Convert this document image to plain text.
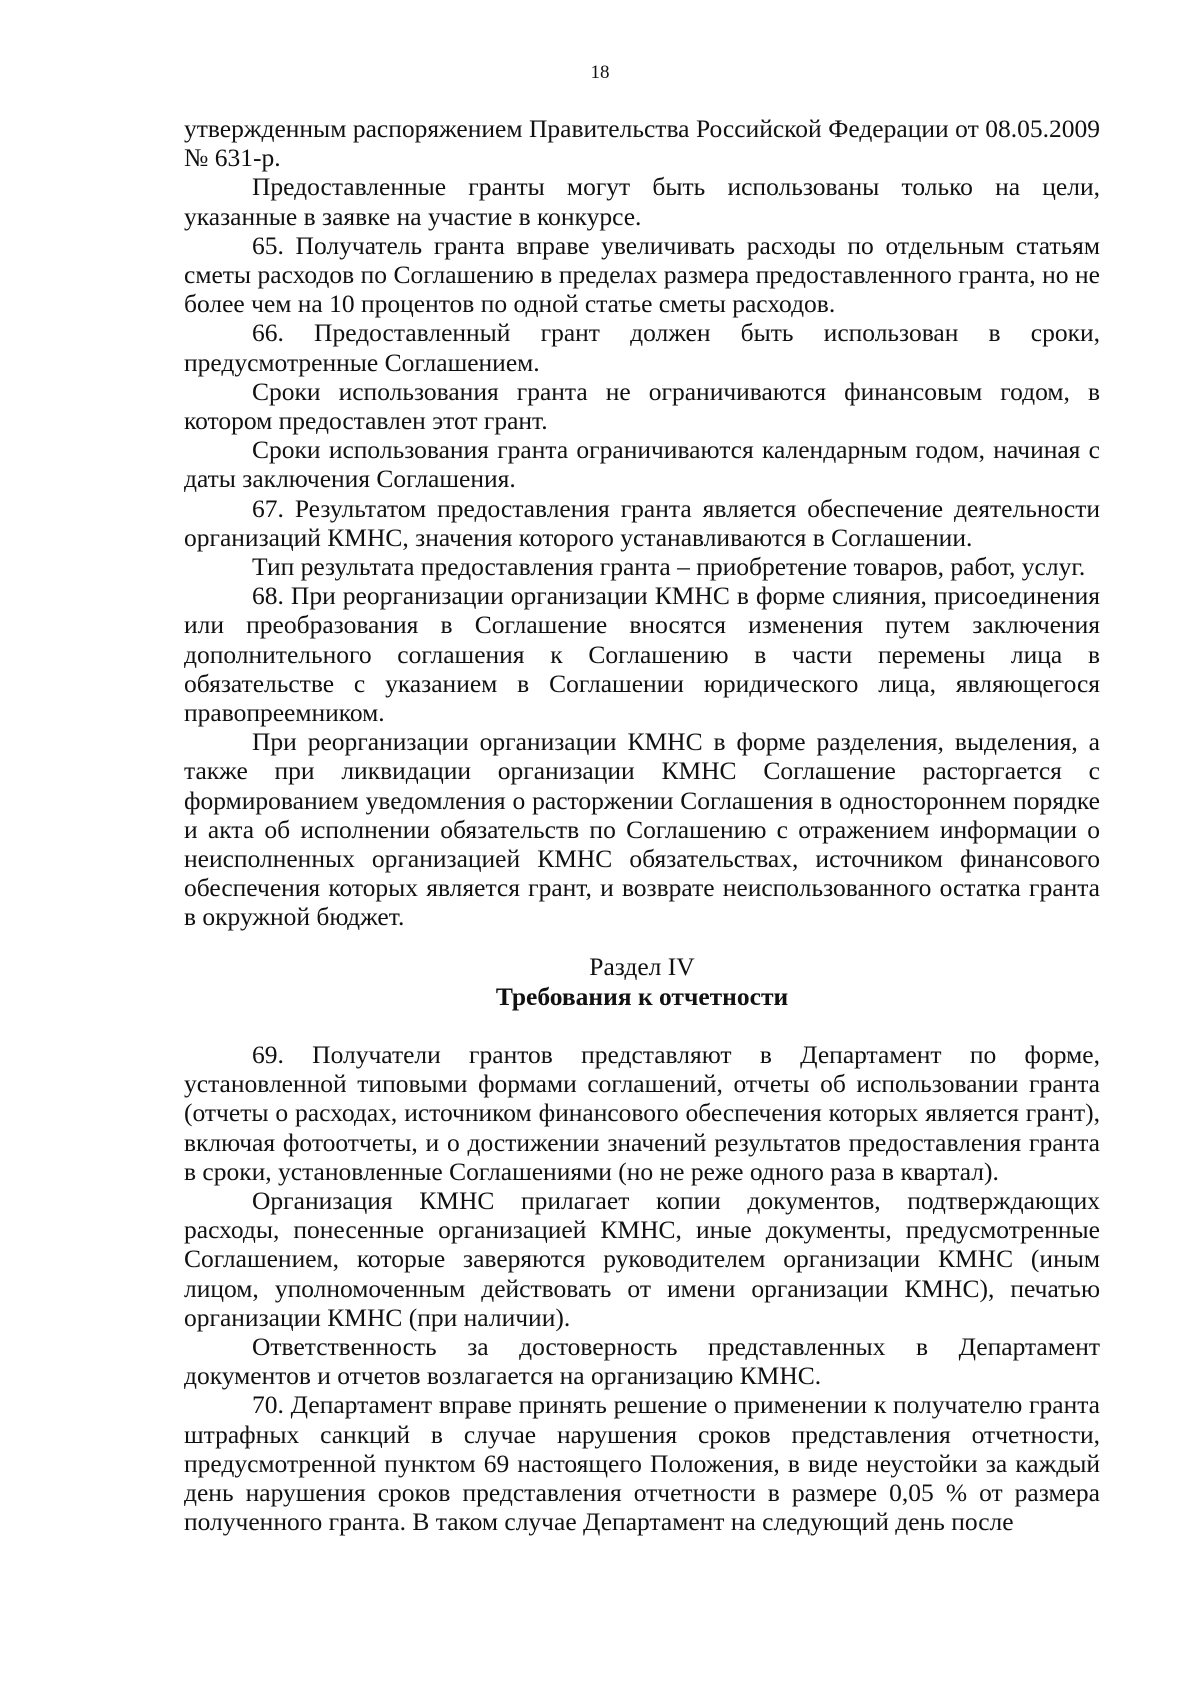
18

утвержденным распоряжением Правительства Российской Федерации от 08.05.2009 № 631-р.

Предоставленные гранты могут быть использованы только на цели, указанные в заявке на участие в конкурсе.

65. Получатель гранта вправе увеличивать расходы по отдельным статьям сметы расходов по Соглашению в пределах размера предоставленного гранта, но не более чем на 10 процентов по одной статье сметы расходов.

66. Предоставленный грант должен быть использован в сроки, предусмотренные Соглашением.

Сроки использования гранта не ограничиваются финансовым годом, в котором предоставлен этот грант.

Сроки использования гранта ограничиваются календарным годом, начиная с даты заключения Соглашения.

67. Результатом предоставления гранта является обеспечение деятельности организаций КМНС, значения которого устанавливаются в Соглашении.

Тип результата предоставления гранта – приобретение товаров, работ, услуг.

68. При реорганизации организации КМНС в форме слияния, присоединения или преобразования в Соглашение вносятся изменения путем заключения дополнительного соглашения к Соглашению в части перемены лица в обязательстве с указанием в Соглашении юридического лица, являющегося правопреемником.

При реорганизации организации КМНС в форме разделения, выделения, а также при ликвидации организации КМНС Соглашение расторгается с формированием уведомления о расторжении Соглашения в одностороннем порядке и акта об исполнении обязательств по Соглашению с отражением информации о неисполненных организацией КМНС обязательствах, источником финансового обеспечения которых является грант, и возврате неиспользованного остатка гранта в окружной бюджет.

Раздел IV
Требования к отчетности

69. Получатели грантов представляют в Департамент по форме, установленной типовыми формами соглашений, отчеты об использовании гранта (отчеты о расходах, источником финансового обеспечения которых является грант), включая фотоотчеты, и о достижении значений результатов предоставления гранта в сроки, установленные Соглашениями (но не реже одного раза в квартал).

Организация КМНС прилагает копии документов, подтверждающих расходы, понесенные организацией КМНС, иные документы, предусмотренные Соглашением, которые заверяются руководителем организации КМНС (иным лицом, уполномоченным действовать от имени организации КМНС), печатью организации КМНС (при наличии).

Ответственность за достоверность представленных в Департамент документов и отчетов возлагается на организацию КМНС.

70. Департамент вправе принять решение о применении к получателю гранта штрафных санкций в случае нарушения сроков представления отчетности, предусмотренной пунктом 69 настоящего Положения, в виде неустойки за каждый день нарушения сроков представления отчетности в размере 0,05 % от размера полученного гранта. В таком случае Департамент на следующий день после
